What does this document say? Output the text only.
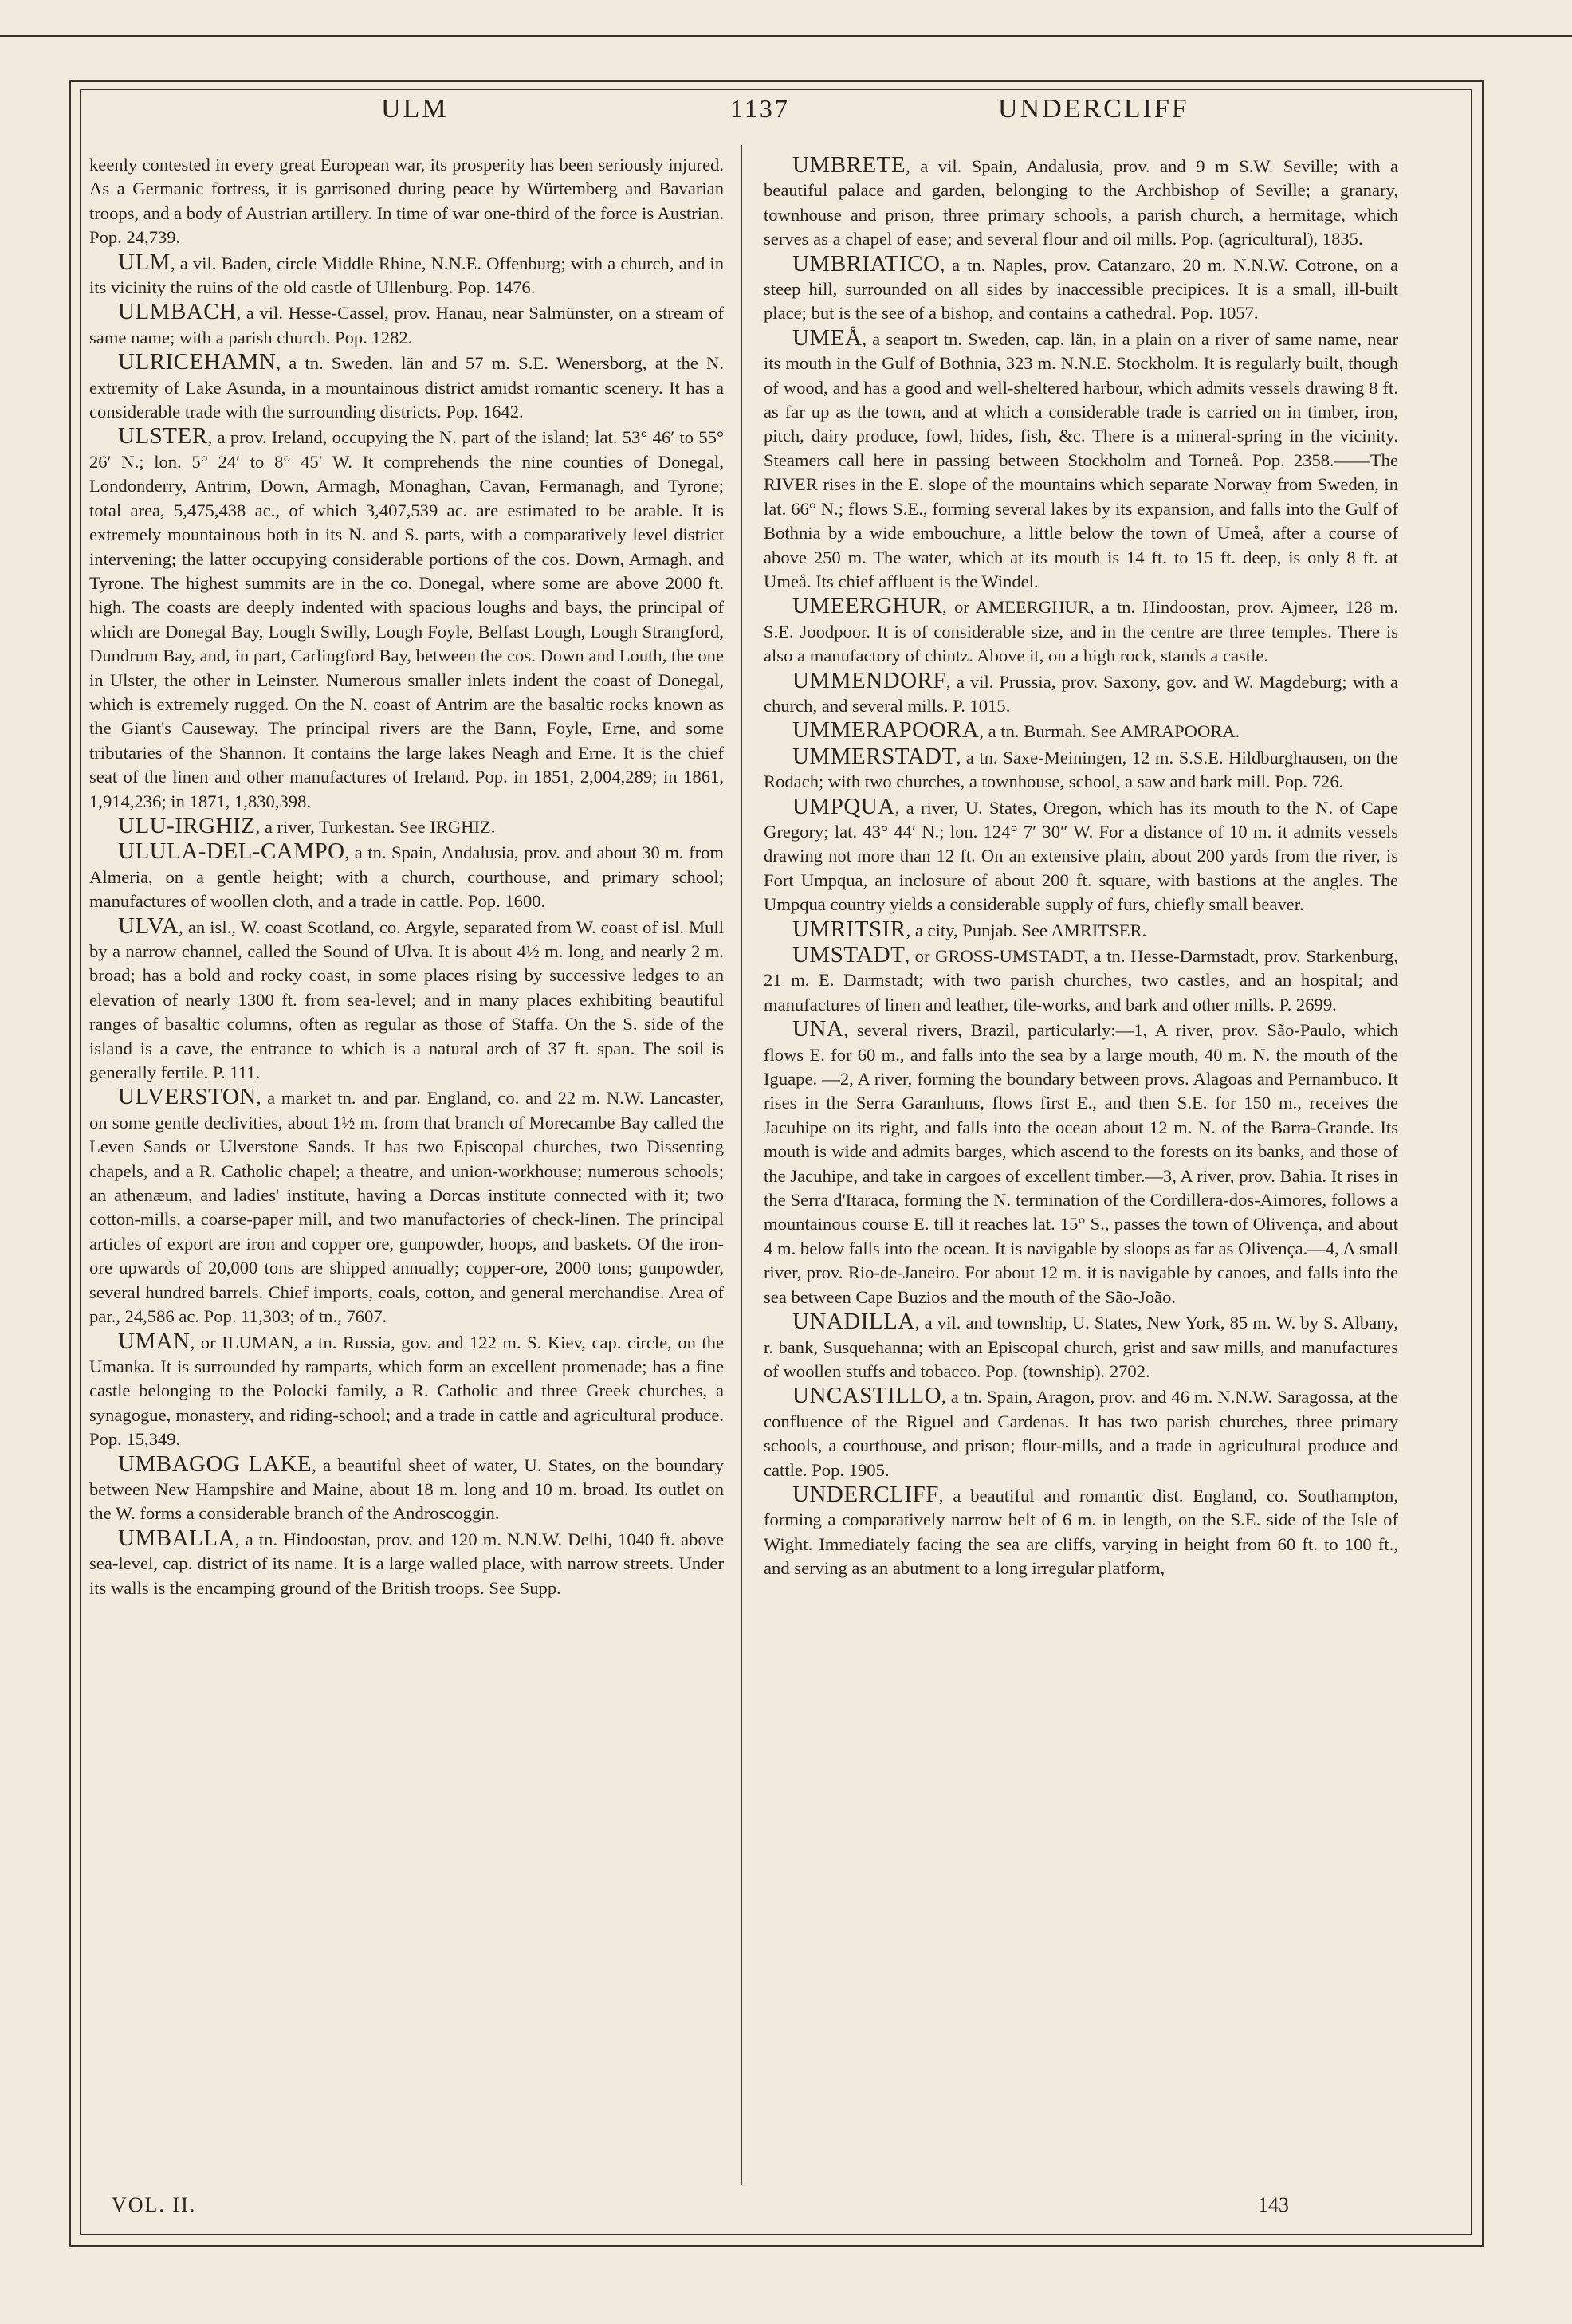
ULM	1137	UNDERCLIFF

keenly contested in every great European war, its prosperity has been seriously injured. As a Germanic fortress, it is garrisoned during peace by Würtemberg and Bavarian troops, and a body of Austrian artillery. In time of war one-third of the force is Austrian. Pop. 24,739.

ULM, a vil. Baden, circle Middle Rhine, N.N.E. Offenburg; with a church, and in its vicinity the ruins of the old castle of Ullenburg. Pop. 1476.

ULMBACH, a vil. Hesse-Cassel, prov. Hanau, near Salmünster, on a stream of same name; with a parish church. Pop. 1282.

ULRICEHAMN, a tn. Sweden, län and 57 m. S.E. Wenersborg, at the N. extremity of Lake Asunda, in a mountainous district amidst romantic scenery. It has a considerable trade with the surrounding districts. Pop. 1642.

ULSTER, a prov. Ireland, occupying the N. part of the island; lat. 53° 46′ to 55° 26′ N.; lon. 5° 24′ to 8° 45′ W. It comprehends the nine counties of Donegal, Londonderry, Antrim, Down, Armagh, Monaghan, Cavan, Fermanagh, and Tyrone; total area, 5,475,438 ac., of which 3,407,539 ac. are estimated to be arable. It is extremely mountainous both in its N. and S. parts, with a comparatively level district intervening; the latter occupying considerable portions of the cos. Down, Armagh, and Tyrone. The highest summits are in the co. Donegal, where some are above 2000 ft. high. The coasts are deeply indented with spacious loughs and bays, the principal of which are Donegal Bay, Lough Swilly, Lough Foyle, Belfast Lough, Lough Strangford, Dundrum Bay, and, in part, Carlingford Bay, between the cos. Down and Louth, the one in Ulster, the other in Leinster. Numerous smaller inlets indent the coast of Donegal, which is extremely rugged. On the N. coast of Antrim are the basaltic rocks known as the Giant's Causeway. The principal rivers are the Bann, Foyle, Erne, and some tributaries of the Shannon. It contains the large lakes Neagh and Erne. It is the chief seat of the linen and other manufactures of Ireland. Pop. in 1851, 2,004,289; in 1861, 1,914,236; in 1871, 1,830,398.

ULU-IRGHIZ, a river, Turkestan. See IRGHIZ.

ULULA-DEL-CAMPO, a tn. Spain, Andalusia, prov. and about 30 m. from Almeria, on a gentle height; with a church, courthouse, and primary school; manufactures of woollen cloth, and a trade in cattle. Pop. 1600.

ULVA, an isl., W. coast Scotland, co. Argyle, separated from W. coast of isl. Mull by a narrow channel, called the Sound of Ulva. It is about 4½ m. long, and nearly 2 m. broad; has a bold and rocky coast, in some places rising by successive ledges to an elevation of nearly 1300 ft. from sea-level; and in many places exhibiting beautiful ranges of basaltic columns, often as regular as those of Staffa. On the S. side of the island is a cave, the entrance to which is a natural arch of 37 ft. span. The soil is generally fertile. P. 111.

ULVERSTON, a market tn. and par. England, co. and 22 m. N.W. Lancaster, on some gentle declivities, about 1½ m. from that branch of Morecambe Bay called the Leven Sands or Ulverstone Sands. It has two Episcopal churches, two Dissenting chapels, and a R. Catholic chapel; a theatre, and union-workhouse; numerous schools; an athenæum, and ladies' institute, having a Dorcas institute connected with it; two cotton-mills, a coarse-paper mill, and two manufactories of check-linen. The principal articles of export are iron and copper ore, gunpowder, hoops, and baskets. Of the iron-ore upwards of 20,000 tons are shipped annually; copper-ore, 2000 tons; gunpowder, several hundred barrels. Chief imports, coals, cotton, and general merchandise. Area of par., 24,586 ac. Pop. 11,303; of tn., 7607.

UMAN, or ILUMAN, a tn. Russia, gov. and 122 m. S. Kiev, cap. circle, on the Umanka. It is surrounded by ramparts, which form an excellent promenade; has a fine castle belonging to the Polocki family, a R. Catholic and three Greek churches, a synagogue, monastery, and riding-school; and a trade in cattle and agricultural produce. Pop. 15,349.

UMBAGOG LAKE, a beautiful sheet of water, U. States, on the boundary between New Hampshire and Maine, about 18 m. long and 10 m. broad. Its outlet on the W. forms a considerable branch of the Androscoggin.

UMBALLA, a tn. Hindoostan, prov. and 120 m. N.N.W. Delhi, 1040 ft. above sea-level, cap. district of its name. It is a large walled place, with narrow streets. Under its walls is the encamping ground of the British troops. See Supp.

UMBRETE, a vil. Spain, Andalusia, prov. and 9 m S.W. Seville; with a beautiful palace and garden, belonging to the Archbishop of Seville; a granary, townhouse and prison, three primary schools, a parish church, a hermitage, which serves as a chapel of ease; and several flour and oil mills. Pop. (agricultural), 1835.

UMBRIATICO, a tn. Naples, prov. Catanzaro, 20 m. N.N.W. Cotrone, on a steep hill, surrounded on all sides by inaccessible precipices. It is a small, ill-built place; but is the see of a bishop, and contains a cathedral. Pop. 1057.

UMEÅ, a seaport tn. Sweden, cap. län, in a plain on a river of same name, near its mouth in the Gulf of Bothnia, 323 m. N.N.E. Stockholm. It is regularly built, though of wood, and has a good and well-sheltered harbour, which admits vessels drawing 8 ft. as far up as the town, and at which a considerable trade is carried on in timber, iron, pitch, dairy produce, fowl, hides, fish, &c. There is a mineral-spring in the vicinity. Steamers call here in passing between Stockholm and Torneå. Pop. 2358.——The RIVER rises in the E. slope of the mountains which separate Norway from Sweden, in lat. 66° N.; flows S.E., forming several lakes by its expansion, and falls into the Gulf of Bothnia by a wide embouchure, a little below the town of Umeå, after a course of above 250 m. The water, which at its mouth is 14 ft. to 15 ft. deep, is only 8 ft. at Umeå. Its chief affluent is the Windel.

UMEERGHUR, or AMEERGHUR, a tn. Hindoostan, prov. Ajmeer, 128 m. S.E. Joodpoor. It is of considerable size, and in the centre are three temples. There is also a manufactory of chintz. Above it, on a high rock, stands a castle.

UMMENDORF, a vil. Prussia, prov. Saxony, gov. and W. Magdeburg; with a church, and several mills. P. 1015.

UMMERAPOORA, a tn. Burmah. See AMRAPOORA.

UMMERSTADT, a tn. Saxe-Meiningen, 12 m. S.S.E. Hildburghausen, on the Rodach; with two churches, a townhouse, school, a saw and bark mill. Pop. 726.

UMPQUA, a river, U. States, Oregon, which has its mouth to the N. of Cape Gregory; lat. 43° 44′ N.; lon. 124° 7′ 30″ W. For a distance of 10 m. it admits vessels drawing not more than 12 ft. On an extensive plain, about 200 yards from the river, is Fort Umpqua, an inclosure of about 200 ft. square, with bastions at the angles. The Umpqua country yields a considerable supply of furs, chiefly small beaver.

UMRITSIR, a city, Punjab. See AMRITSER.

UMSTADT, or GROSS-UMSTADT, a tn. Hesse-Darmstadt, prov. Starkenburg, 21 m. E. Darmstadt; with two parish churches, two castles, and an hospital; and manufactures of linen and leather, tile-works, and bark and other mills. P. 2699.

UNA, several rivers, Brazil, particularly:—1, A river, prov. São-Paulo, which flows E. for 60 m., and falls into the sea by a large mouth, 40 m. N. the mouth of the Iguape. —2, A river, forming the boundary between provs. Alagoas and Pernambuco. It rises in the Serra Garanhuns, flows first E., and then S.E. for 150 m., receives the Jacuhipe on its right, and falls into the ocean about 12 m. N. of the Barra-Grande. Its mouth is wide and admits barges, which ascend to the forests on its banks, and those of the Jacuhipe, and take in cargoes of excellent timber.—3, A river, prov. Bahia. It rises in the Serra d'Itaraca, forming the N. termination of the Cordillera-dos-Aimores, follows a mountainous course E. till it reaches lat. 15° S., passes the town of Olivença, and about 4 m. below falls into the ocean. It is navigable by sloops as far as Olivença.—4, A small river, prov. Rio-de-Janeiro. For about 12 m. it is navigable by canoes, and falls into the sea between Cape Buzios and the mouth of the São-João.

UNADILLA, a vil. and township, U. States, New York, 85 m. W. by S. Albany, r. bank, Susquehanna; with an Episcopal church, grist and saw mills, and manufactures of woollen stuffs and tobacco. Pop. (township). 2702.

UNCASTILLO, a tn. Spain, Aragon, prov. and 46 m. N.N.W. Saragossa, at the confluence of the Riguel and Cardenas. It has two parish churches, three primary schools, a courthouse, and prison; flour-mills, and a trade in agricultural produce and cattle. Pop. 1905.

UNDERCLIFF, a beautiful and romantic dist. England, co. Southampton, forming a comparatively narrow belt of 6 m. in length, on the S.E. side of the Isle of Wight. Immediately facing the sea are cliffs, varying in height from 60 ft. to 100 ft., and serving as an abutment to a long irregular platform,

VOL. II.	143
